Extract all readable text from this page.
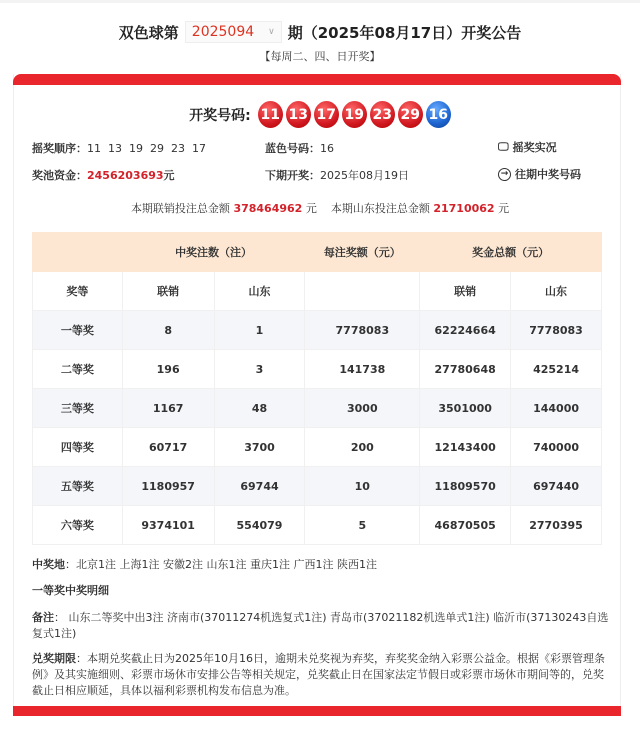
双色球第 2025094 ∨ 期（2025年08月17日）开奖公告
【每周二、四、日开奖】
开奖号码: 11 13 17 19 23 29 16
摇奖顺序：11  13  19  29  23  17	蓝色号码：16	🖵 摇奖实况
奖池资金：2456203693元	下期开奖：2025年08月19日	→ 往期中奖号码
本期联销投注总金额 378464962 元 本期山东投注总金额 21710062 元
	中奖注数（注）		每注奖额（元）	奖金总额（元）	
奖等	联销	山东		联销	山东
一等奖	8	1	7778083	62224664	7778083
二等奖	196	3	141738	27780648	425214
三等奖	1167	48	3000	3501000	144000
四等奖	60717	3700	200	12143400	740000
五等奖	1180957	69744	10	11809570	697440
六等奖	9374101	554079	5	46870505	2770395
中奖地：北京1注 上海1注 安徽2注 山东1注 重庆1注 广西1注 陕西1注
一等奖中奖明细
备注： 山东二等奖中出3注 济南市(37011274机选复式1注) 青岛市(37021182机选单式1注) 临沂市(37130243自选复式1注)
兑奖期限：本期兑奖截止日为2025年10月16日，逾期未兑奖视为弃奖，弃奖奖金纳入彩票公益金。根据《彩票管理条例》及其实施细则、彩票市场休市安排公告等相关规定，兑奖截止日在国家法定节假日或彩票市场休市期间等的，兑奖截止日相应顺延，具体以福利彩票机构发布信息为准。
